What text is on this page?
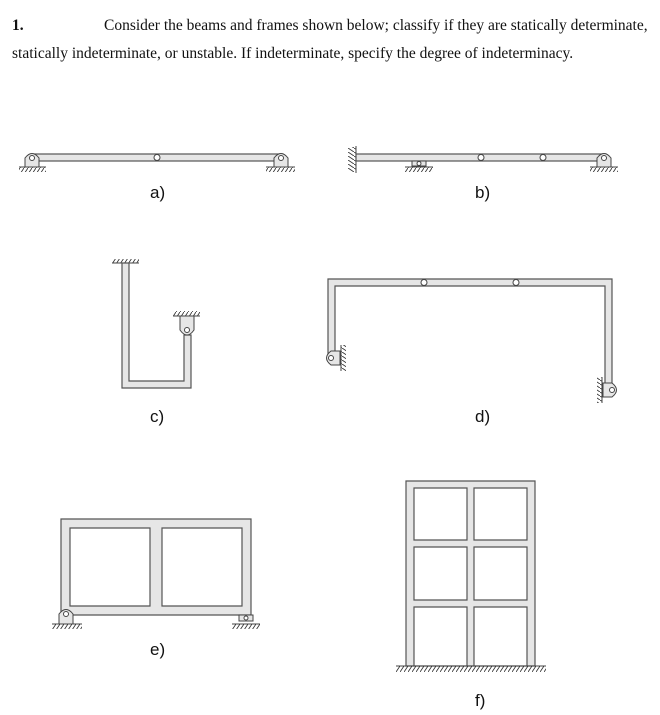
1.	Consider the beams and frames shown below; classify if they are statically determinate, statically indeterminate, or unstable. If indeterminate, specify the degree of indeterminacy.
a)	b)
c)	d)
e)
f)
